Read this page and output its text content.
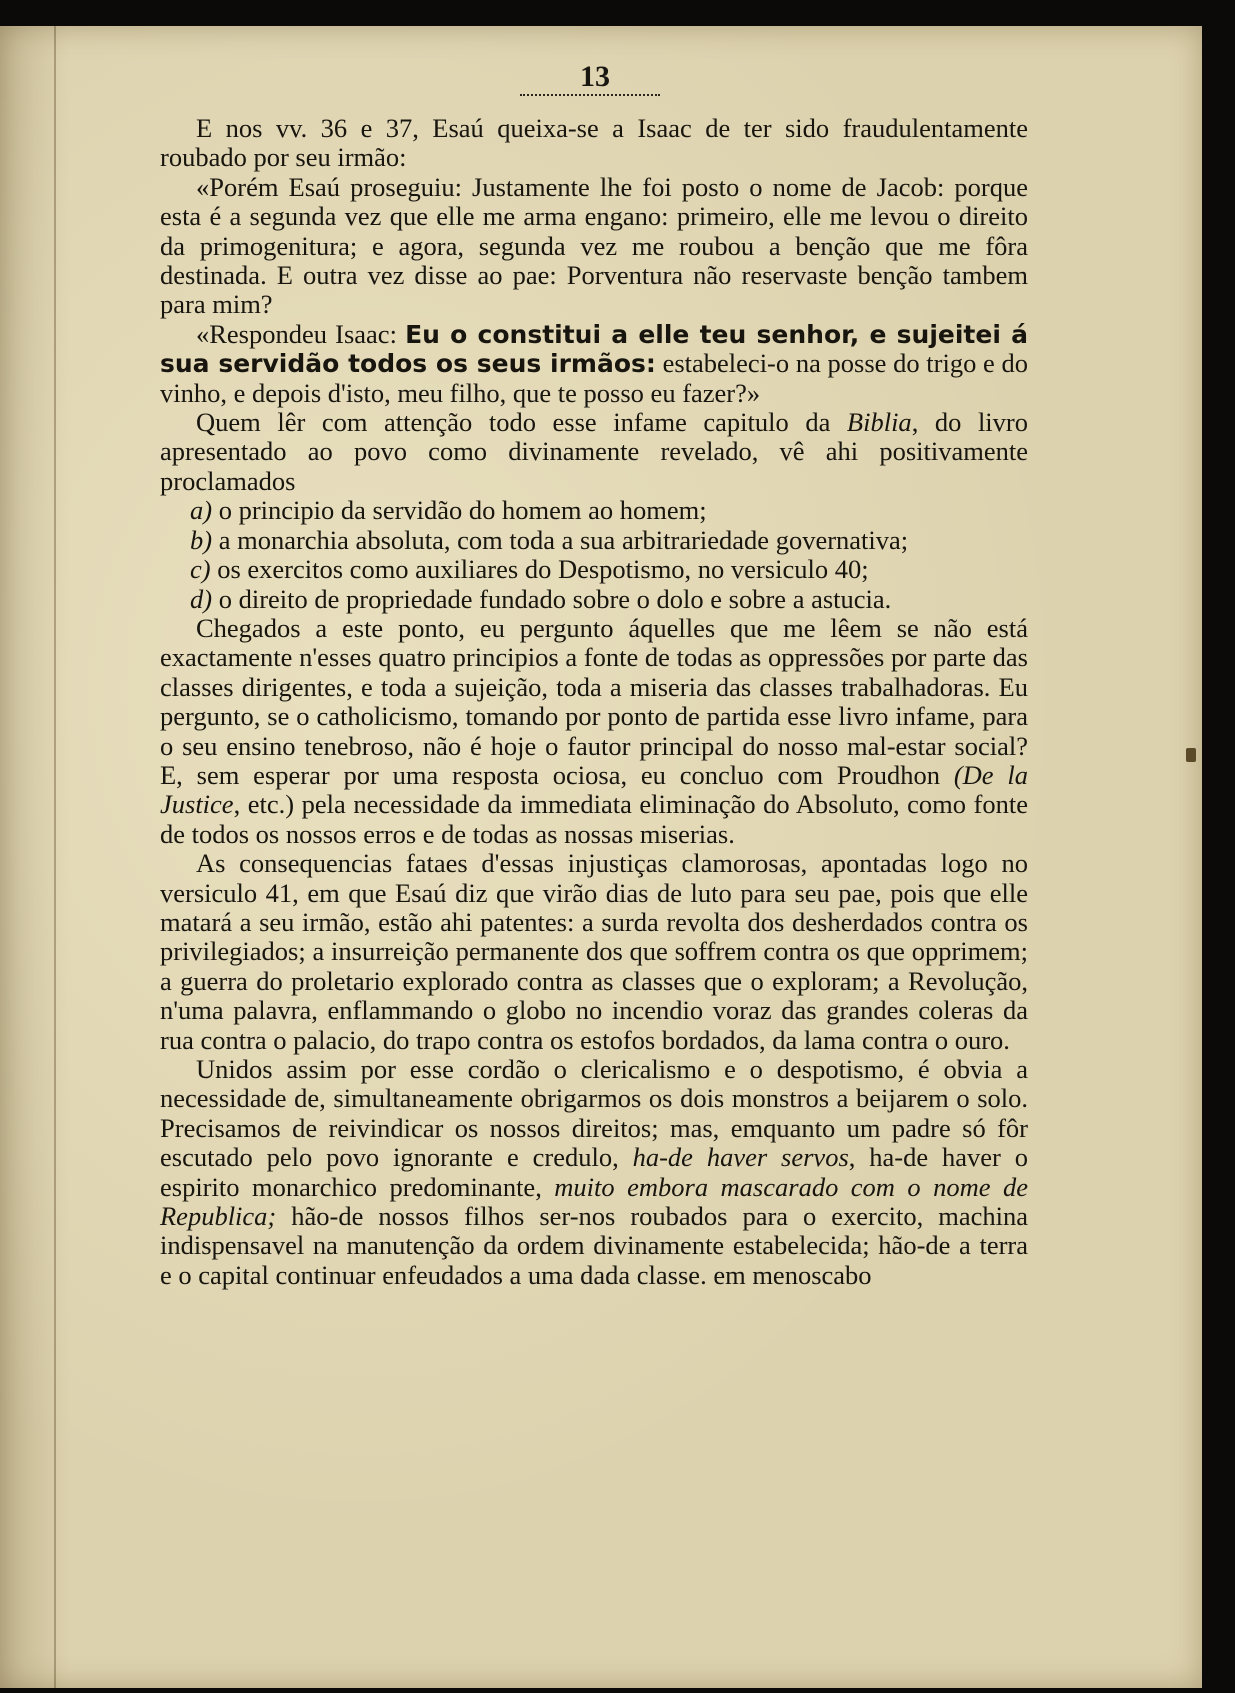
13

E nos vv. 36 e 37, Esaú queixa-se a Isaac de ter sido fraudulentamente roubado por seu irmão:

«Porém Esaú proseguiu: Justamente lhe foi posto o nome de Jacob: porque esta é a segunda vez que elle me arma engano: primeiro, elle me levou o direito da primogenitura; e agora, segunda vez me roubou a benção que me fôra destinada. E outra vez disse ao pae: Porventura não reservaste benção tambem para mim?

«Respondeu Isaac: Eu o constitui a elle teu senhor, e sujeitei á sua servidão todos os seus irmãos: estabeleci-o na posse do trigo e do vinho, e depois d'isto, meu filho, que te posso eu fazer?»

Quem lêr com attenção todo esse infame capitulo da Biblia, do livro apresentado ao povo como divinamente revelado, vê ahi positivamente proclamados

a) o principio da servidão do homem ao homem;

b) a monarchia absoluta, com toda a sua arbitrariedade governativa;

c) os exercitos como auxiliares do Despotismo, no versiculo 40;

d) o direito de propriedade fundado sobre o dolo e sobre a astucia.

Chegados a este ponto, eu pergunto áquelles que me lêem se não está exactamente n'esses quatro principios a fonte de todas as oppressões por parte das classes dirigentes, e toda a sujeição, toda a miseria das classes trabalhadoras. Eu pergunto, se o catholicismo, tomando por ponto de partida esse livro infame, para o seu ensino tenebroso, não é hoje o fautor principal do nosso mal-estar social? E, sem esperar por uma resposta ociosa, eu concluo com Proudhon (De la Justice, etc.) pela necessidade da immediata eliminação do Absoluto, como fonte de todos os nossos erros e de todas as nossas miserias.

As consequencias fataes d'essas injustiças clamorosas, apontadas logo no versiculo 41, em que Esaú diz que virão dias de luto para seu pae, pois que elle matará a seu irmão, estão ahi patentes: a surda revolta dos desherdados contra os privilegiados; a insurreição permanente dos que soffrem contra os que opprimem; a guerra do proletario explorado contra as classes que o exploram; a Revolução, n'uma palavra, enflammando o globo no incendio voraz das grandes coleras da rua contra o palacio, do trapo contra os estofos bordados, da lama contra o ouro.

Unidos assim por esse cordão o clericalismo e o despotismo, é obvia a necessidade de, simultaneamente obrigarmos os dois monstros a beijarem o solo. Precisamos de reivindicar os nossos direitos; mas, emquanto um padre só fôr escutado pelo povo ignorante e credulo, ha-de haver servos, ha-de haver o espirito monarchico predominante, muito embora mascarado com o nome de Republica; hão-de nossos filhos ser-nos roubados para o exercito, machina indispensavel na manutenção da ordem divinamente estabelecida; hão-de a terra e o capital continuar enfeudados a uma dada classe. em menoscabo
